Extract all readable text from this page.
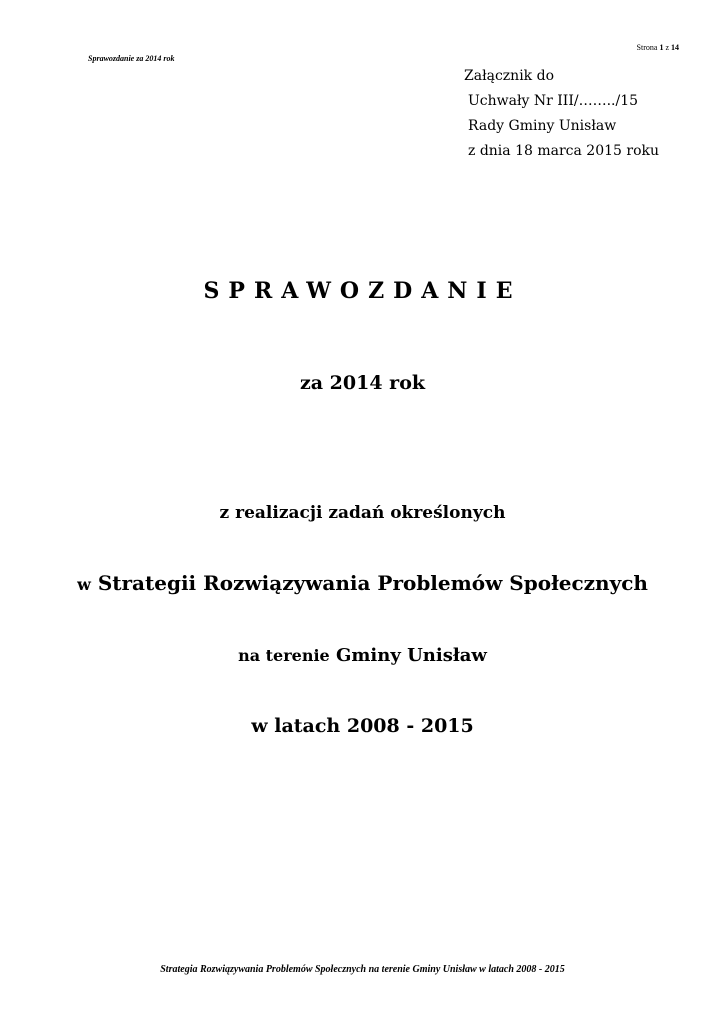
Strona 1 z 14
Sprawozdanie za 2014 rok
Załącznik do
Uchwały Nr III/……../15
Rady Gminy Unisław
z dnia 18 marca 2015 roku
SPRAWOZDANIE
za 2014 rok
z realizacji zadań określonych
w Strategii Rozwiązywania Problemów Społecznych
na terenie Gminy Unisław
w latach 2008 - 2015
Strategia Rozwiązywania Problemów Społecznych na terenie Gminy Unisław w latach 2008 - 2015
